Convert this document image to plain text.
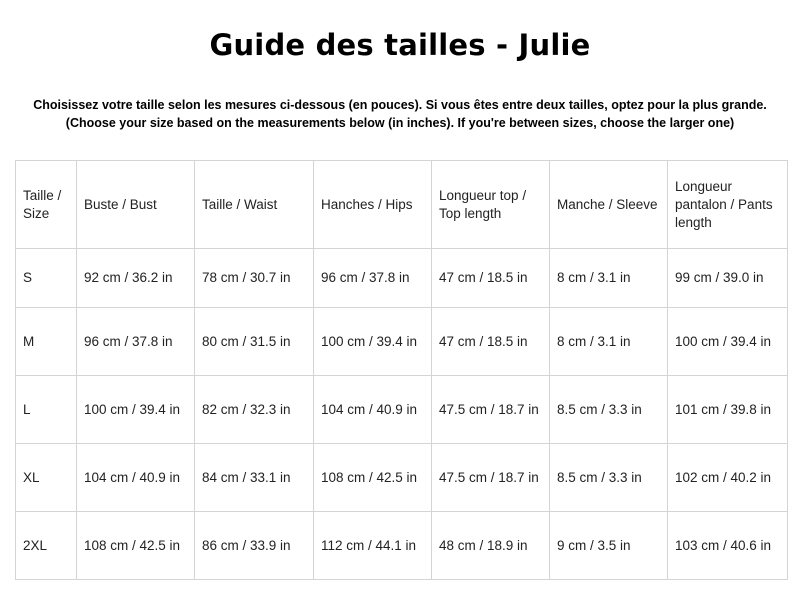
Guide des tailles - Julie
Choisissez votre taille selon les mesures ci-dessous (en pouces). Si vous êtes entre deux tailles, optez pour la plus grande.
(Choose your size based on the measurements below (in inches). If you're between sizes, choose the larger one)
Taille / Size	Buste / Bust	Taille / Waist	Hanches / Hips	Longueur top / Top length	Manche / Sleeve	Longueur pantalon / Pants length
S	92 cm / 36.2 in	78 cm / 30.7 in	96 cm / 37.8 in	47 cm / 18.5 in	8 cm / 3.1 in	99 cm / 39.0 in
M	96 cm / 37.8 in	80 cm / 31.5 in	100 cm / 39.4 in	47 cm / 18.5 in	8 cm / 3.1 in	100 cm / 39.4 in
L	100 cm / 39.4 in	82 cm / 32.3 in	104 cm / 40.9 in	47.5 cm / 18.7 in	8.5 cm / 3.3 in	101 cm / 39.8 in
XL	104 cm / 40.9 in	84 cm / 33.1 in	108 cm / 42.5 in	47.5 cm / 18.7 in	8.5 cm / 3.3 in	102 cm / 40.2 in
2XL	108 cm / 42.5 in	86 cm / 33.9 in	112 cm / 44.1 in	48 cm / 18.9 in	9 cm / 3.5 in	103 cm / 40.6 in
